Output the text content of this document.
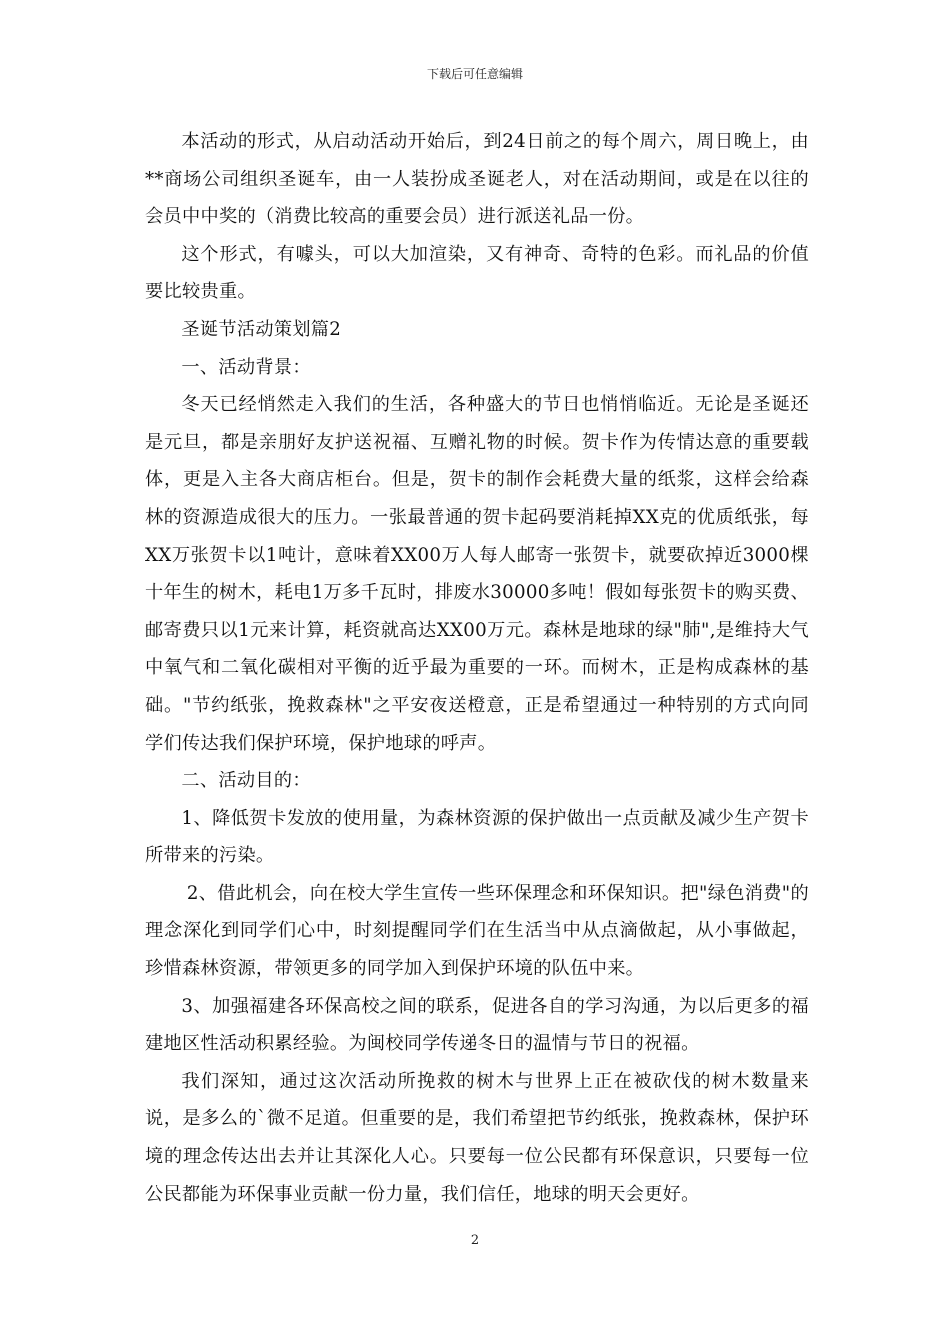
下载后可任意编辑

本活动的形式，从启动活动开始后，到24日前之的每个周六，周日晚上，由**商场公司组织圣诞车，由一人装扮成圣诞老人，对在活动期间，或是在以往的会员中中奖的（消费比较高的重要会员）进行派送礼品一份。

这个形式，有噱头，可以大加渲染，又有神奇、奇特的色彩。而礼品的价值要比较贵重。

圣诞节活动策划篇2

一、活动背景：

冬天已经悄然走入我们的生活，各种盛大的节日也悄悄临近。无论是圣诞还是元旦，都是亲朋好友护送祝福、互赠礼物的时候。贺卡作为传情达意的重要载体，更是入主各大商店柜台。但是，贺卡的制作会耗费大量的纸浆，这样会给森林的资源造成很大的压力。一张最普通的贺卡起码要消耗掉XX克的优质纸张，每XX万张贺卡以1吨计，意味着XX00万人每人邮寄一张贺卡，就要砍掉近3000棵十年生的树木，耗电1万多千瓦时，排废水30000多吨！假如每张贺卡的购买费、邮寄费只以1元来计算，耗资就高达XX00万元。森林是地球的绿"肺",是维持大气中氧气和二氧化碳相对平衡的近乎最为重要的一环。而树木，正是构成森林的基础。"节约纸张，挽救森林"之平安夜送橙意，正是希望通过一种特别的方式向同学们传达我们保护环境，保护地球的呼声。

二、活动目的：

1、降低贺卡发放的使用量，为森林资源的保护做出一点贡献及减少生产贺卡所带来的污染。

2、借此机会，向在校大学生宣传一些环保理念和环保知识。把"绿色消费"的理念深化到同学们心中，时刻提醒同学们在生活当中从点滴做起，从小事做起，珍惜森林资源，带领更多的同学加入到保护环境的队伍中来。

3、加强福建各环保高校之间的联系，促进各自的学习沟通，为以后更多的福建地区性活动积累经验。为闽校同学传递冬日的温情与节日的祝福。

我们深知，通过这次活动所挽救的树木与世界上正在被砍伐的树木数量来说，是多么的`微不足道。但重要的是，我们希望把节约纸张，挽救森林，保护环境的理念传达出去并让其深化人心。只要每一位公民都有环保意识，只要每一位公民都能为环保事业贡献一份力量，我们信任，地球的明天会更好。

2
